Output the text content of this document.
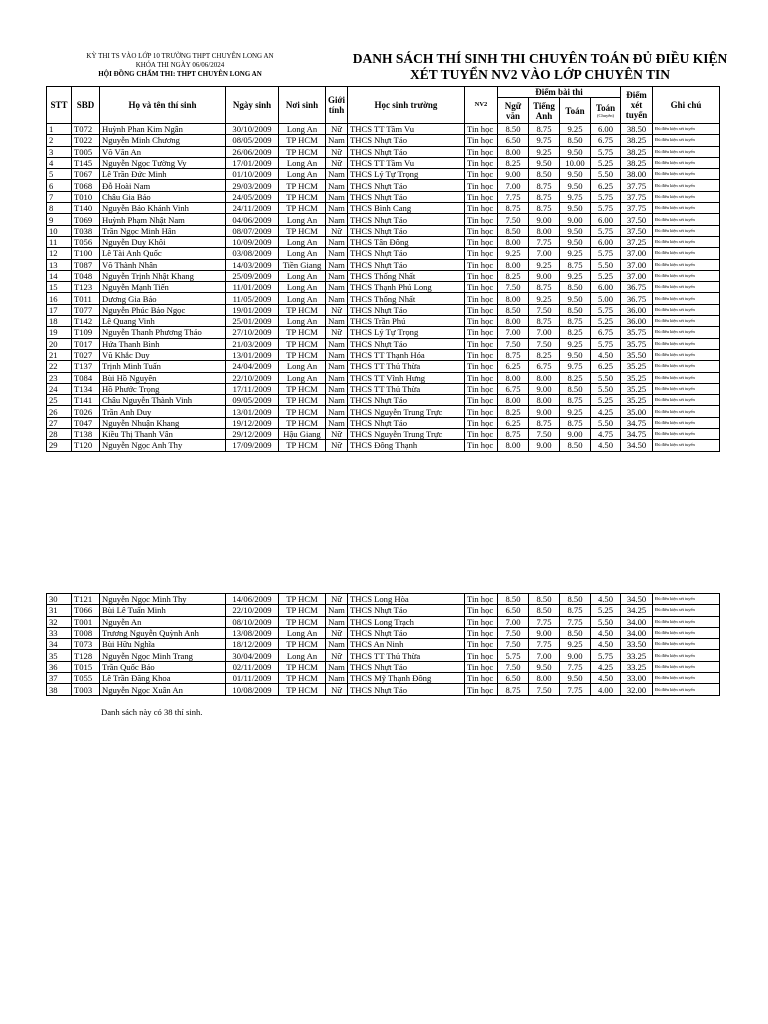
KỲ THI TS VÀO LỚP 10 TRƯỜNG THPT CHUYÊN LONG AN
KHÓA THI NGÀY 06/06/2024
HỘI ĐỒNG CHẤM THI: THPT CHUYÊN LONG AN
DANH SÁCH THÍ SINH THI CHUYÊN TOÁN ĐỦ ĐIỀU KIỆN
XÉT TUYỂN NV2 VÀO LỚP CHUYÊN TIN
STT	SBD	Họ và tên thí sinh	Ngày sinh	Nơi sinh	Giới tính	Học sinh trường	NV2	Điểm bài thi				Điểm xét tuyển	Ghi chú
								Ngữ văn	Tiếng Anh	Toán	Toán
(Chuyên)		

1	T072	Huỳnh Phan Kim Ngân	30/10/2009	Long An	Nữ	THCS TT Tầm Vu	Tin học	8.50	8.75	9.25	6.00	38.50	Đủ điều kiện xét tuyển
2	T022	Nguyễn Minh Chương	08/05/2009	TP HCM	Nam	THCS Nhựt Tảo	Tin học	6.50	9.75	8.50	6.75	38.25	Đủ điều kiện xét tuyển
3	T005	Võ Văn An	26/06/2009	TP HCM	Nữ	THCS Nhựt Tảo	Tin học	8.00	9.25	9.50	5.75	38.25	Đủ điều kiện xét tuyển
4	T145	Nguyễn Ngọc Tường Vy	17/01/2009	Long An	Nữ	THCS TT Tầm Vu	Tin học	8.25	9.50	10.00	5.25	38.25	Đủ điều kiện xét tuyển
5	T067	Lê Trần Đức Minh	01/10/2009	Long An	Nam	THCS Lý Tự Trọng	Tin học	9.00	8.50	9.50	5.50	38.00	Đủ điều kiện xét tuyển
6	T068	Đỗ Hoài Nam	29/03/2009	TP HCM	Nam	THCS Nhựt Tảo	Tin học	7.00	8.75	9.50	6.25	37.75	Đủ điều kiện xét tuyển
7	T010	Châu Gia Bảo	24/05/2009	TP HCM	Nam	THCS Nhựt Tảo	Tin học	7.75	8.75	9.75	5.75	37.75	Đủ điều kiện xét tuyển
8	T140	Nguyễn Bảo Khánh Vinh	24/11/2009	TP HCM	Nam	THCS Bình Cang	Tin học	8.75	8.75	9.50	5.75	37.75	Đủ điều kiện xét tuyển
9	T069	Huỳnh Phạm Nhật Nam	04/06/2009	Long An	Nam	THCS Nhựt Tảo	Tin học	7.50	9.00	9.00	6.00	37.50	Đủ điều kiện xét tuyển
10	T038	Trần Ngọc Minh Hân	08/07/2009	TP HCM	Nữ	THCS Nhựt Tảo	Tin học	8.50	8.00	9.50	5.75	37.50	Đủ điều kiện xét tuyển
11	T056	Nguyễn Duy Khôi	10/09/2009	Long An	Nam	THCS Tân Đông	Tin học	8.00	7.75	9.50	6.00	37.25	Đủ điều kiện xét tuyển
12	T100	Lê Tài Anh Quốc	03/08/2009	Long An	Nam	THCS Nhựt Tảo	Tin học	9.25	7.00	9.25	5.75	37.00	Đủ điều kiện xét tuyển
13	T087	Võ Thành Nhân	14/03/2009	Tiền Giang	Nam	THCS Nhựt Tảo	Tin học	8.00	9.25	8.75	5.50	37.00	Đủ điều kiện xét tuyển
14	T048	Nguyễn Trịnh Nhật Khang	25/09/2009	Long An	Nam	THCS Thống Nhất	Tin học	8.25	9.00	9.25	5.25	37.00	Đủ điều kiện xét tuyển
15	T123	Nguyễn Mạnh Tiến	11/01/2009	Long An	Nam	THCS Thạnh Phú Long	Tin học	7.50	8.75	8.50	6.00	36.75	Đủ điều kiện xét tuyển
16	T011	Dương Gia Bảo	11/05/2009	Long An	Nam	THCS Thống Nhất	Tin học	8.00	9.25	9.50	5.00	36.75	Đủ điều kiện xét tuyển
17	T077	Nguyễn Phúc Bảo Ngọc	19/01/2009	TP HCM	Nữ	THCS Nhựt Tảo	Tin học	8.50	7.50	8.50	5.75	36.00	Đủ điều kiện xét tuyển
18	T142	Lê Quang Vinh	25/01/2009	Long An	Nam	THCS Trần Phú	Tin học	8.00	8.75	8.75	5.25	36.00	Đủ điều kiện xét tuyển
19	T109	Nguyễn Thanh Phương Thảo	27/10/2009	TP HCM	Nữ	THCS Lý Tự Trọng	Tin học	7.00	7.00	8.25	6.75	35.75	Đủ điều kiện xét tuyển
20	T017	Hứa Thanh Bình	21/03/2009	TP HCM	Nam	THCS Nhựt Tảo	Tin học	7.50	7.50	9.25	5.75	35.75	Đủ điều kiện xét tuyển
21	T027	Vũ Khắc Duy	13/01/2009	TP HCM	Nam	THCS TT Thạnh Hóa	Tin học	8.75	8.25	9.50	4.50	35.50	Đủ điều kiện xét tuyển
22	T137	Trịnh Minh Tuấn	24/04/2009	Long An	Nam	THCS TT Thủ Thừa	Tin học	6.25	6.75	9.75	6.25	35.25	Đủ điều kiện xét tuyển
23	T084	Bùi Hồ Nguyên	22/10/2009	Long An	Nam	THCS TT Vĩnh Hưng	Tin học	8.00	8.00	8.25	5.50	35.25	Đủ điều kiện xét tuyển
24	T134	Hồ Phước Trọng	17/11/2009	TP HCM	Nam	THCS TT Thủ Thừa	Tin học	6.75	9.00	8.50	5.50	35.25	Đủ điều kiện xét tuyển
25	T141	Châu Nguyễn Thành Vinh	09/05/2009	TP HCM	Nam	THCS Nhựt Tảo	Tin học	8.00	8.00	8.75	5.25	35.25	Đủ điều kiện xét tuyển
26	T026	Trần Anh Duy	13/01/2009	TP HCM	Nam	THCS Nguyễn Trung Trực	Tin học	8.25	9.00	9.25	4.25	35.00	Đủ điều kiện xét tuyển
27	T047	Nguyễn Nhuận Khang	19/12/2009	TP HCM	Nam	THCS Nhựt Tảo	Tin học	6.25	8.75	8.75	5.50	34.75	Đủ điều kiện xét tuyển
28	T138	Kiều Thị Thanh Vân	29/12/2009	Hậu Giang	Nữ	THCS Nguyễn Trung Trực	Tin học	8.75	7.50	9.00	4.75	34.75	Đủ điều kiện xét tuyển
29	T120	Nguyễn Ngọc Anh Thy	17/09/2009	TP HCM	Nữ	THCS Đông Thạnh	Tin học	8.00	9.00	8.50	4.50	34.50	Đủ điều kiện xét tuyển
30	T121	Nguyễn Ngọc Minh Thy	14/06/2009	TP HCM	Nữ	THCS Long Hòa	Tin học	8.50	8.50	8.50	4.50	34.50	Đủ điều kiện xét tuyển
31	T066	Bùi Lê Tuấn Minh	22/10/2009	TP HCM	Nam	THCS Nhựt Tảo	Tin học	6.50	8.50	8.75	5.25	34.25	Đủ điều kiện xét tuyển
32	T001	Nguyễn An	08/10/2009	TP HCM	Nam	THCS Long Trạch	Tin học	7.00	7.75	7.75	5.50	34.00	Đủ điều kiện xét tuyển
33	T008	Trương Nguyễn Quỳnh Anh	13/08/2009	Long An	Nữ	THCS Nhựt Tảo	Tin học	7.50	9.00	8.50	4.50	34.00	Đủ điều kiện xét tuyển
34	T073	Bùi Hữu Nghĩa	18/12/2009	TP HCM	Nam	THCS An Ninh	Tin học	7.50	7.75	9.25	4.50	33.50	Đủ điều kiện xét tuyển
35	T128	Nguyễn Ngọc Minh Trang	30/04/2009	Long An	Nữ	THCS TT Thủ Thừa	Tin học	5.75	7.00	9.00	5.75	33.25	Đủ điều kiện xét tuyển
36	T015	Trần Quốc Bảo	02/11/2009	TP HCM	Nam	THCS Nhựt Tảo	Tin học	7.50	9.50	7.75	4.25	33.25	Đủ điều kiện xét tuyển
37	T055	Lê Trần Đăng Khoa	01/11/2009	TP HCM	Nam	THCS Mỹ Thạnh Đông	Tin học	6.50	8.00	9.50	4.50	33.00	Đủ điều kiện xét tuyển
38	T003	Nguyễn Ngọc Xuân An	10/08/2009	TP HCM	Nữ	THCS Nhựt Tảo	Tin học	8.75	7.50	7.75	4.00	32.00	Đủ điều kiện xét tuyển
Danh sách này có 38 thí sinh.
